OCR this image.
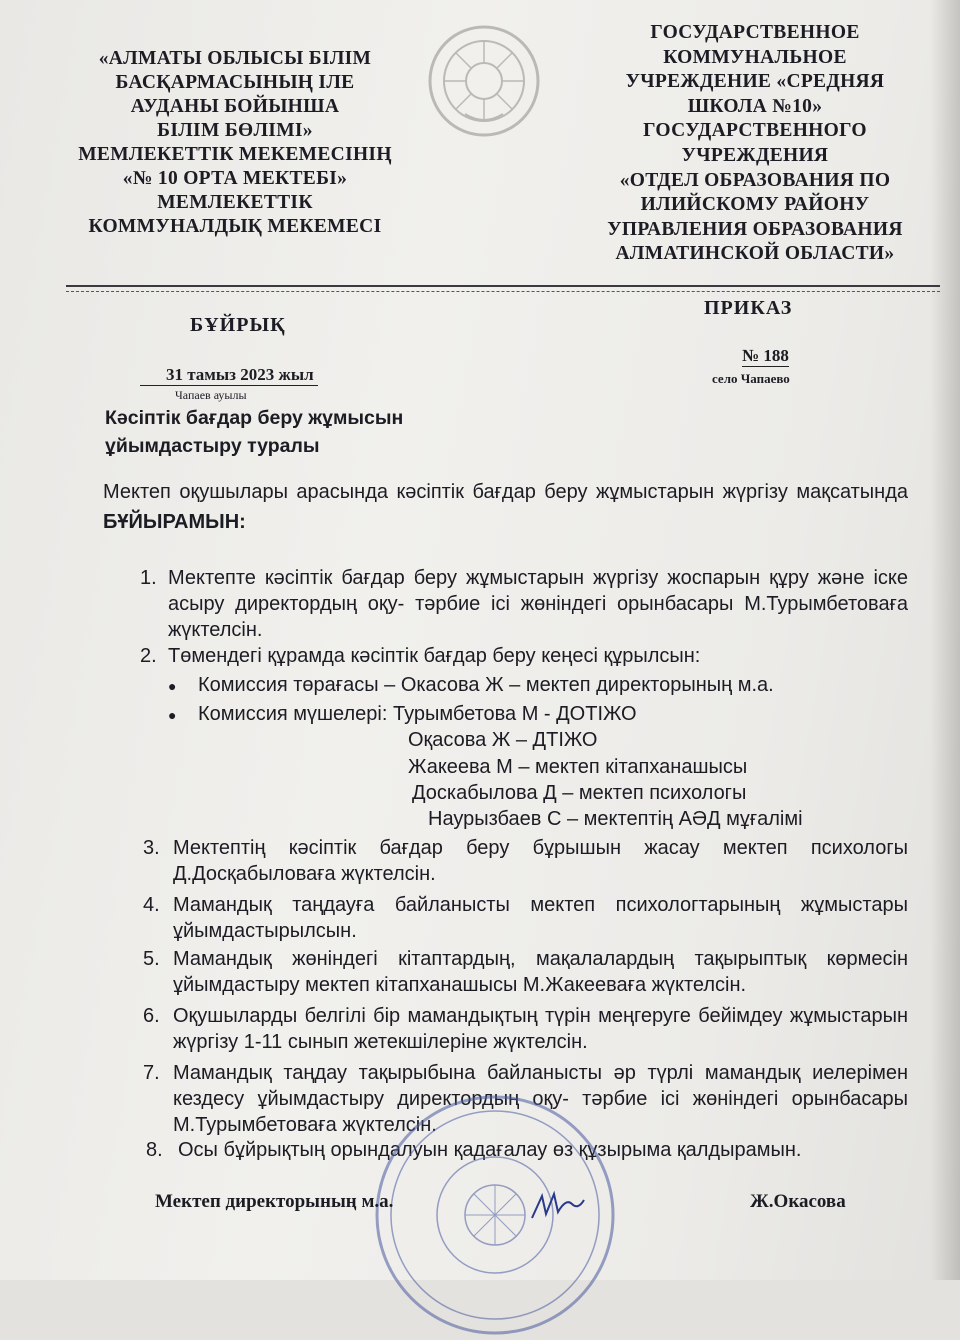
«АЛМАТЫ ОБЛЫСЫ БІЛІМ
БАСҚАРМАСЫНЫҢ ІЛЕ
АУДАНЫ БОЙЫНША
БІЛІМ БӨЛІМІ»
МЕМЛЕКЕТТІК МЕКЕМЕСІНІҢ
«№ 10 ОРТА МЕКТЕБІ»
МЕМЛЕКЕТТІК
КОММУНАЛДЫҚ МЕКЕМЕСІ
ГОСУДАРСТВЕННОЕ
КОММУНАЛЬНОЕ
УЧРЕЖДЕНИЕ «СРЕДНЯЯ
ШКОЛА №10»
ГОСУДАРСТВЕННОГО
УЧРЕЖДЕНИЯ
«ОТДЕЛ ОБРАЗОВАНИЯ ПО
ИЛИЙСКОМУ РАЙОНУ
УПРАВЛЕНИЯ ОБРАЗОВАНИЯ
АЛМАТИНСКОЙ ОБЛАСТИ»
БҰЙРЫҚ
ПРИКАЗ
31 тамыз 2023 жыл
№ 188
Чапаев ауылы
село Чапаево
Кәсіптік бағдар беру жұмысын
ұйымдастыру туралы
Мектеп оқушылары арасында кәсіптік бағдар беру жұмыстарын жүргізу мақсатында БҰЙЫРАМЫН:
1. Мектепте кәсіптік бағдар беру жұмыстарын жүргізу жоспарын құру және іске асыру директордың оқу- тәрбие ісі жөніндегі орынбасары М.Турымбетоваға жүктелсін.
2. Төмендегі құрамда кәсіптік бағдар беру кеңесі құрылсын:
● Комиссия төрағасы – Окасова Ж – мектеп директорының м.а.
● Комиссия мүшелері: Турымбетова М - ДОТІЖО
Оқасова Ж – ДТІЖО
Жакеева М – мектеп кітапханашысы
Доскабылова Д – мектеп психологы
Наурызбаев С – мектептің АӘД мұғалімі
3. Мектептің кәсіптік бағдар беру бұрышын жасау мектеп психологы Д.Досқабыловаға жүктелсін.
4. Мамандық таңдауға байланысты мектеп психологтарының жұмыстары ұйымдастырылсын.
5. Мамандық жөніндегі кітаптардың, мақалалардың тақырыптық көрмесін ұйымдастыру мектеп кітапханашысы М.Жакееваға жүктелсін.
6. Оқушыларды белгілі бір мамандықтың түрін меңгеруге бейімдеу жұмыстарын жүргізу 1-11 сынып жетекшілеріне жүктелсін.
7. Мамандық таңдау тақырыбына байланысты әр түрлі мамандық иелерімен кездесу ұйымдастыру директордың оқу- тәрбие ісі жөніндегі орынбасары М.Турымбетоваға жүктелсін.
8. Осы бұйрықтың орындалуын қадағалау өз құзырыма қалдырамын.
Мектеп директорының м.а.	Ж.Окасова
